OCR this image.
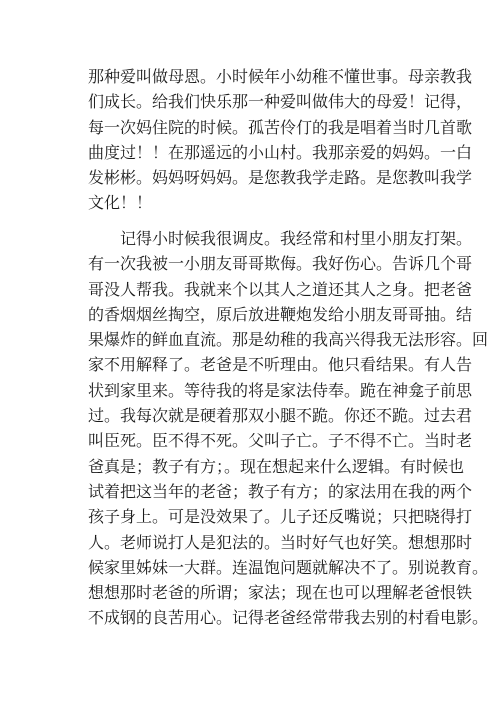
那种爱叫做母恩。小时候年小幼稚不懂世事。母亲教我
们成长。给我们快乐那一种爱叫做伟大的母爱！记得，
每一次妈住院的时候。孤苦伶仃的我是唱着当时几首歌
曲度过！！在那遥远的小山村。我那亲爱的妈妈。一白
发彬彬。妈妈呀妈妈。是您教我学走路。是您教叫我学
文化！！
记得小时候我很调皮。我经常和村里小朋友打架。
有一次我被一小朋友哥哥欺侮。我好伤心。告诉几个哥
哥没人帮我。我就来个以其人之道还其人之身。把老爸
的香烟烟丝掏空，原后放进鞭炮发给小朋友哥哥抽。结
果爆炸的鲜血直流。那是幼稚的我高兴得我无法形容。回
家不用解释了。老爸是不听理由。他只看结果。有人告
状到家里来。等待我的将是家法侍奉。跪在神龛子前思
过。我每次就是硬着那双小腿不跪。你还不跪。过去君
叫臣死。臣不得不死。父叫子亡。子不得不亡。当时老
爸真是；教子有方；。现在想起来什么逻辑。有时候也
试着把这当年的老爸；教子有方；的家法用在我的两个
孩子身上。可是没效果了。儿子还反嘴说；只把晓得打
人。老师说打人是犯法的。当时好气也好笑。想想那时
候家里姊妹一大群。连温饱问题就解决不了。别说教育。
想想那时老爸的所谓；家法；现在也可以理解老爸恨铁
不成钢的良苦用心。记得老爸经常带我去别的村看电影。
